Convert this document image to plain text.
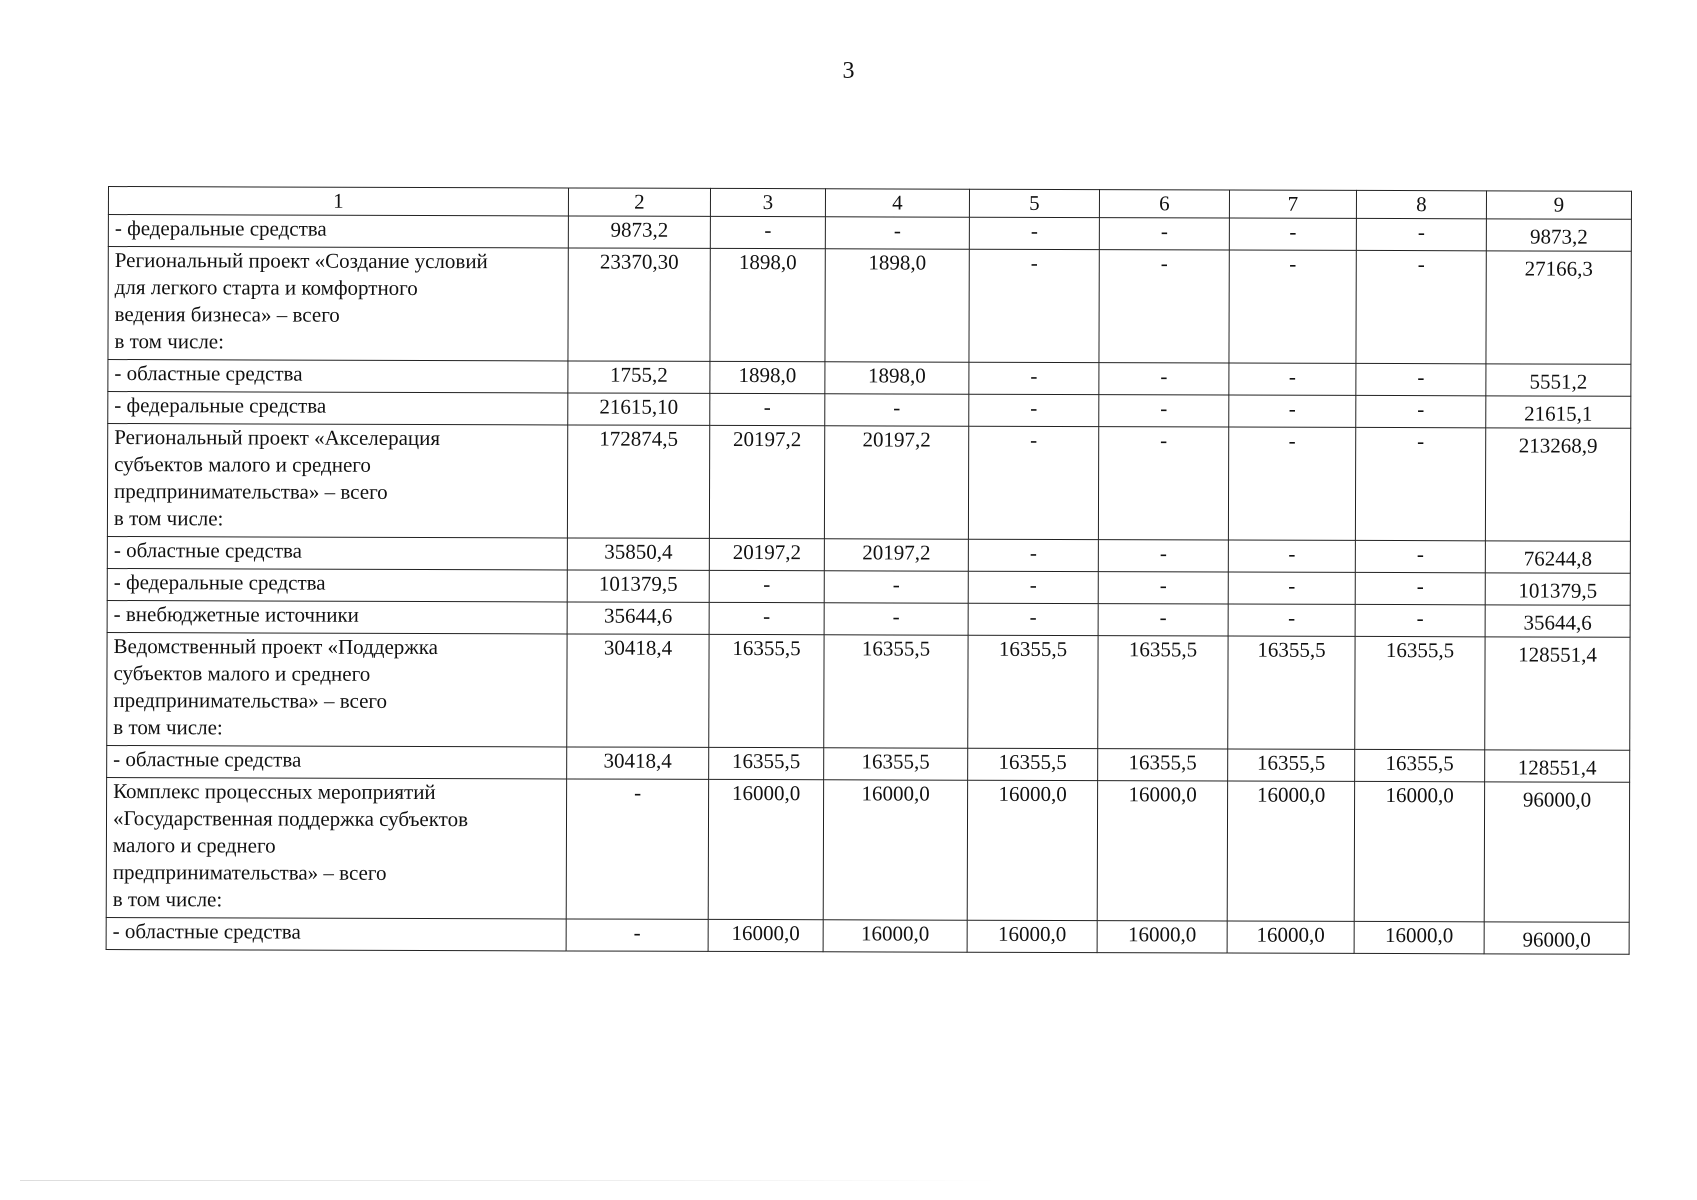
3
1	2	3	4	5	6	7	8	9
- федеральные средства	9873,2	-	-	-	-	-	-	9873,2
Региональный проект «Создание условий
для легкого старта и комфортного
ведения бизнеса» – всего
в том числе:	23370,30	1898,0	1898,0	-	-	-	-	27166,3
- областные средства	1755,2	1898,0	1898,0	-	-	-	-	5551,2
- федеральные средства	21615,10	-	-	-	-	-	-	21615,1
Региональный проект «Акселерация
субъектов малого и среднего
предпринимательства» – всего
в том числе:	172874,5	20197,2	20197,2	-	-	-	-	213268,9
- областные средства	35850,4	20197,2	20197,2	-	-	-	-	76244,8
- федеральные средства	101379,5	-	-	-	-	-	-	101379,5
- внебюджетные источники	35644,6	-	-	-	-	-	-	35644,6
Ведомственный проект «Поддержка
субъектов малого и среднего
предпринимательства» – всего
в том числе:	30418,4	16355,5	16355,5	16355,5	16355,5	16355,5	16355,5	128551,4
- областные средства	30418,4	16355,5	16355,5	16355,5	16355,5	16355,5	16355,5	128551,4
Комплекс процессных мероприятий
«Государственная поддержка субъектов
малого и среднего
предпринимательства» – всего
в том числе:	-	16000,0	16000,0	16000,0	16000,0	16000,0	16000,0	96000,0
- областные средства	-	16000,0	16000,0	16000,0	16000,0	16000,0	16000,0	96000,0
